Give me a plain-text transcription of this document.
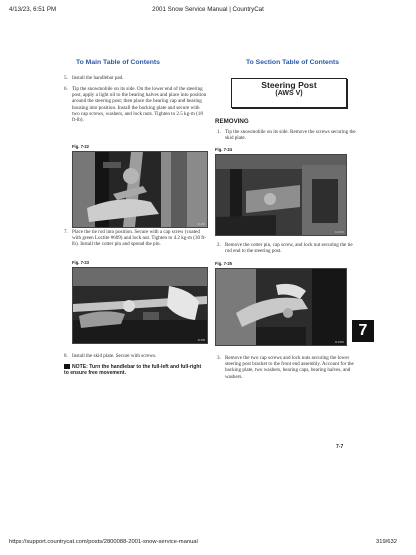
4/13/23, 6:51 PM	2001 Snow Service Manual | CountryCat
To Main Table of Contents	To Section Table of Contents
5. Install the handlebar pad.
6. Tip the snowmobile on its side. On the lower end of the steering post, apply a light oil to the bearing halves and place into position around the steering post; then place the bearing cap and bearing housing into position. Install the backing plate and secure with two cap screws, washers, and lock nuts. Tighten to 2.5 kg-m (18 ft-lb).
Fig. 7-22
0L185
7. Place the tie rod into position. Secure with a cap screw (coated with green Loctite #609) and lock nut. Tighten to 4.2 kg-m (30 ft-lb). Install the cotter pin and spread the pin.
Fig. 7-23
0L358
8. Install the skid plate. Secure with screws.
NOTE: Turn the handlebar to the full-left and full-right to ensure free movement.
Steering Post
(AWS V)
REMOVING
1. Tip the snowmobile on its side. Remove the screws securing the skid plate.
Fig. 7-24
0L156D
2. Remove the cotter pin, cap screw, and lock nut securing the tie rod end to the steering post.
Fig. 7-25
0L156D
3. Remove the two cap screws and lock nuts securing the lower steering post bracket to the front end assembly. Account for the backing plate, two washers, bearing caps, bearing halves, and washers.
7
7-7
https://support.countrycat.com/posts/2800088-2001-snow-service-manual	319/632
